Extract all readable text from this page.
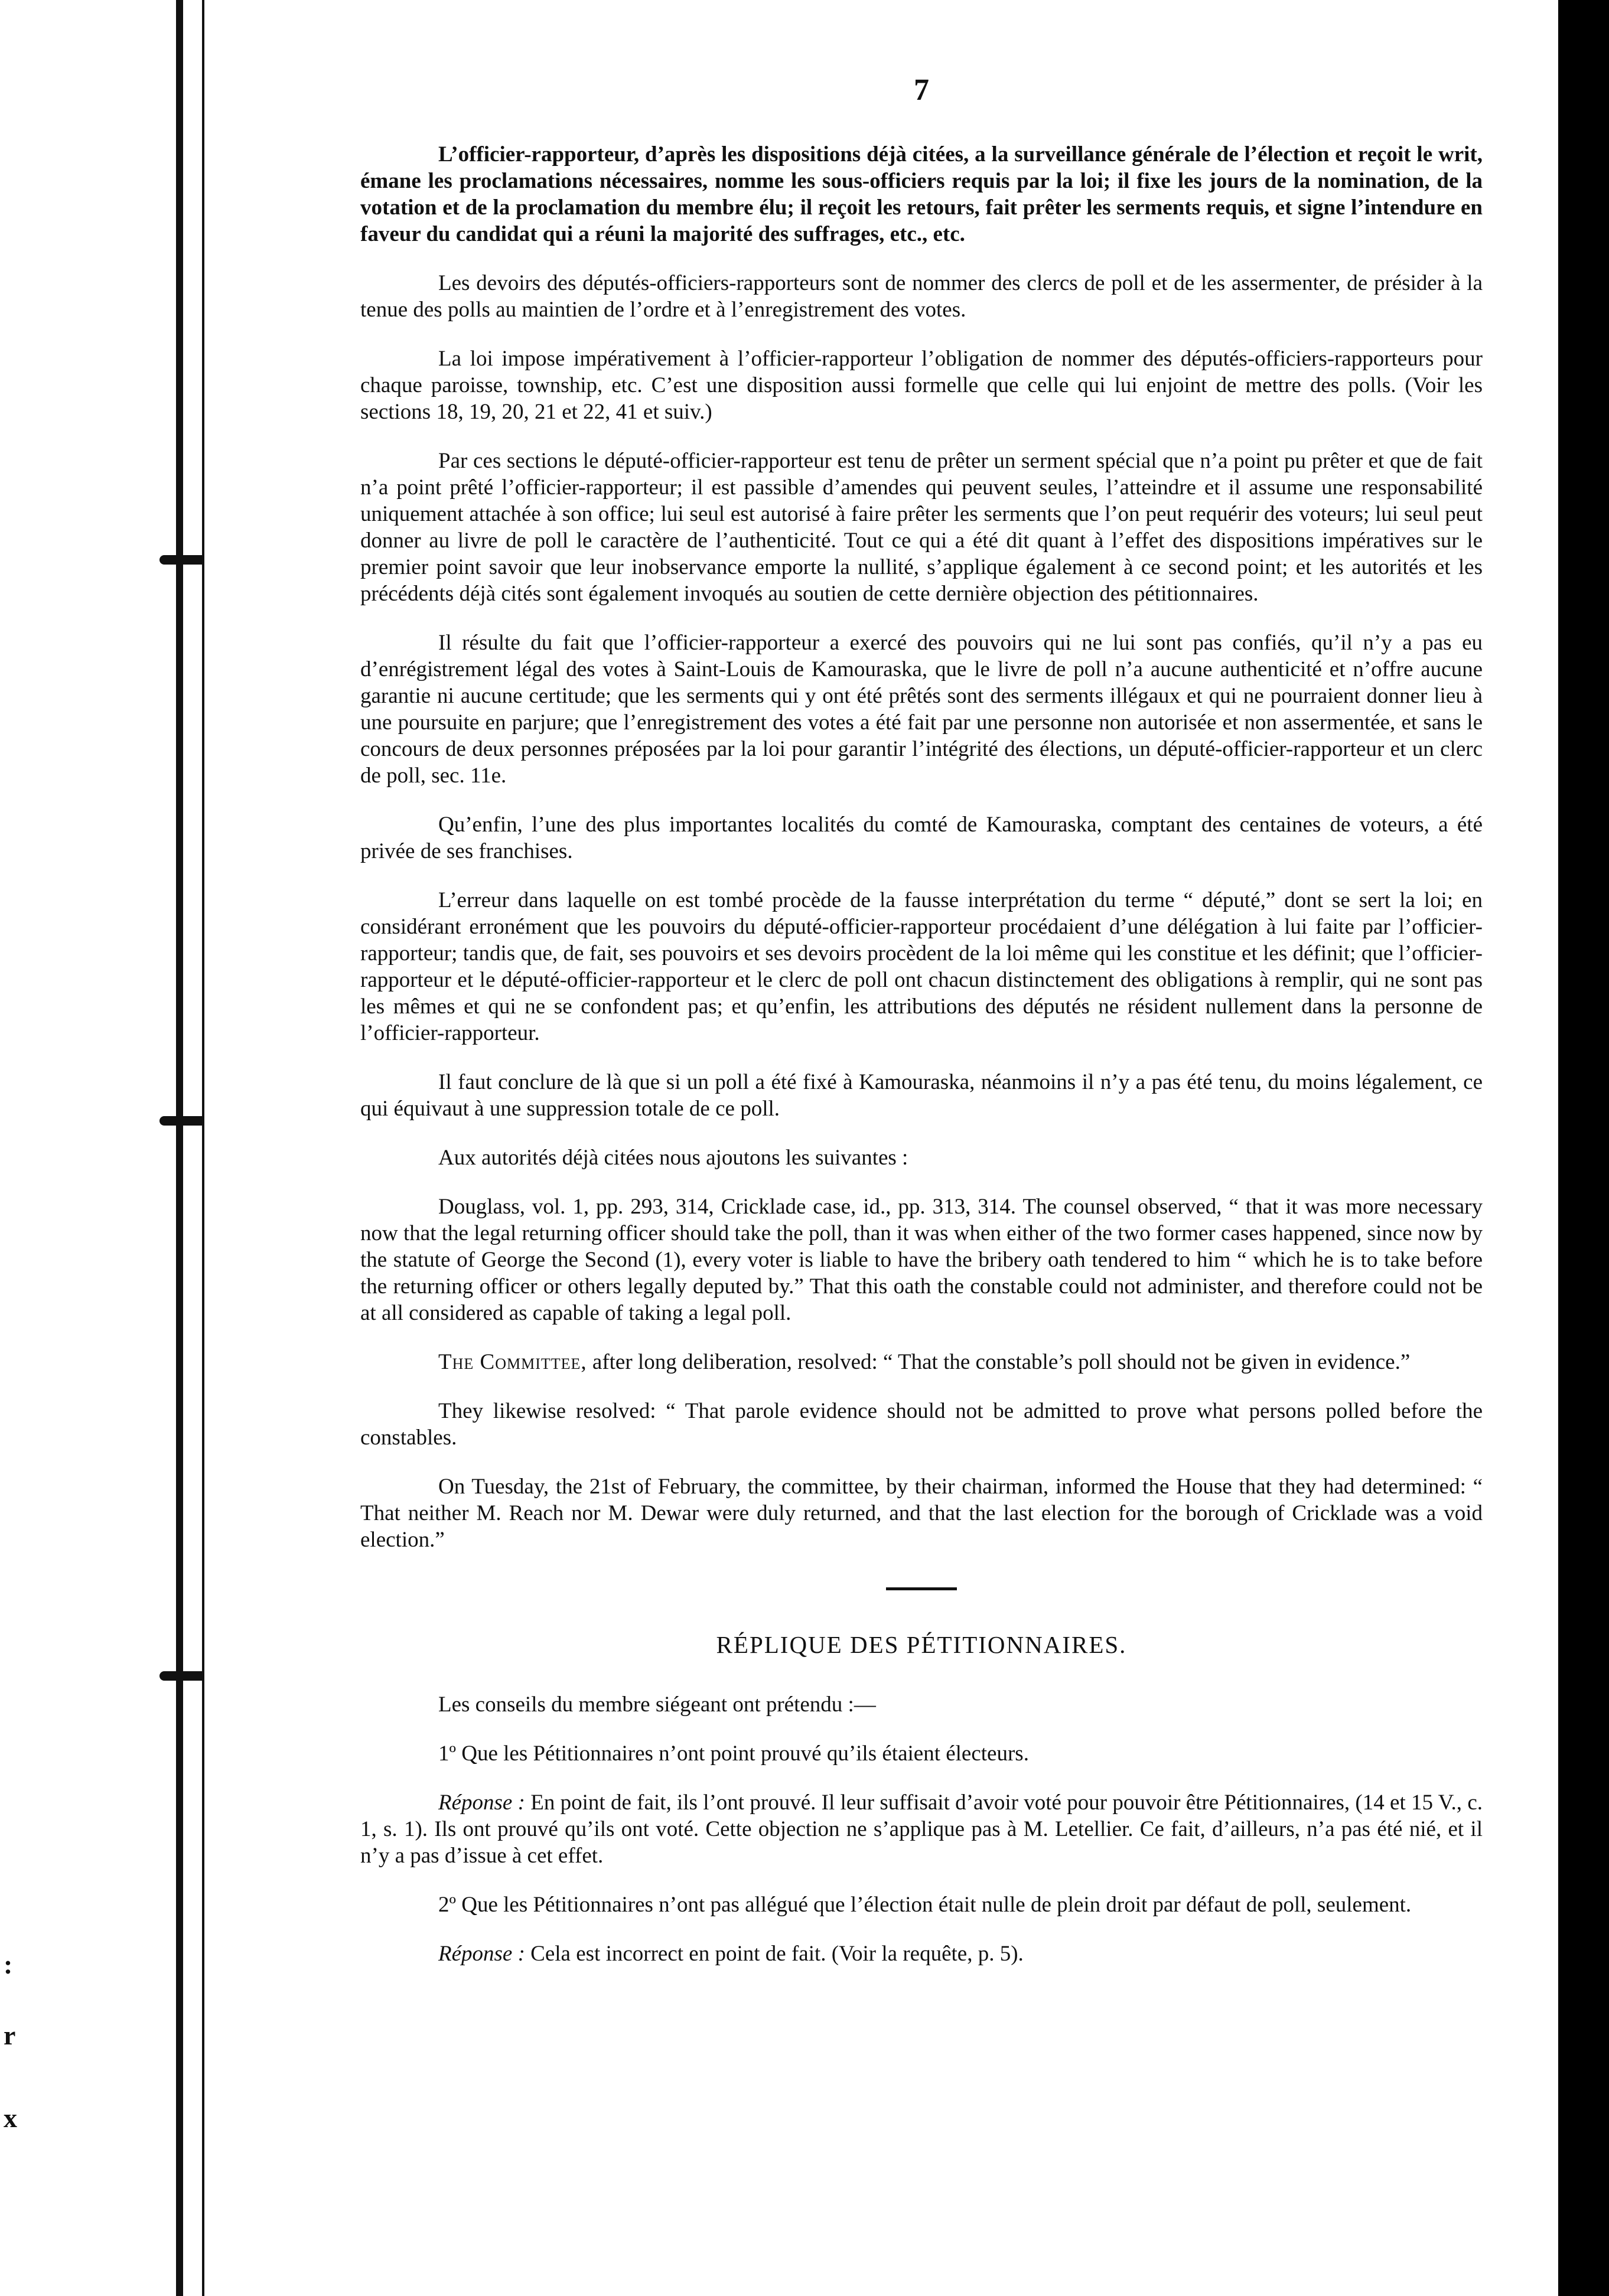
:
r
x
7

L’officier-rapporteur, d’après les dispositions déjà citées, a la surveillance générale de l’élection et reçoit le writ, émane les proclamations nécessaires, nomme les sous-officiers requis par la loi; il fixe les jours de la nomination, de la votation et de la proclamation du membre élu; il reçoit les retours, fait prêter les serments requis, et signe l’intendure en faveur du candidat qui a réuni la majorité des suffrages, etc., etc.

Les devoirs des députés-officiers-rapporteurs sont de nommer des clercs de poll et de les assermenter, de présider à la tenue des polls au maintien de l’ordre et à l’enregistrement des votes.

La loi impose impérativement à l’officier-rapporteur l’obligation de nommer des députés-officiers-rapporteurs pour chaque paroisse, township, etc. C’est une disposition aussi formelle que celle qui lui enjoint de mettre des polls. (Voir les sections 18, 19, 20, 21 et 22, 41 et suiv.)

Par ces sections le député-officier-rapporteur est tenu de prêter un serment spécial que n’a point pu prêter et que de fait n’a point prêté l’officier-rapporteur; il est passible d’amendes qui peuvent seules, l’atteindre et il assume une responsabilité uniquement attachée à son office; lui seul est autorisé à faire prêter les serments que l’on peut requérir des voteurs; lui seul peut donner au livre de poll le caractère de l’authenticité. Tout ce qui a été dit quant à l’effet des dispositions impératives sur le premier point savoir que leur inobservance emporte la nullité, s’applique également à ce second point; et les autorités et les précédents déjà cités sont également invoqués au soutien de cette dernière objection des pétitionnaires.

Il résulte du fait que l’officier-rapporteur a exercé des pouvoirs qui ne lui sont pas confiés, qu’il n’y a pas eu d’enrégistrement légal des votes à Saint-Louis de Kamouraska, que le livre de poll n’a aucune authenticité et n’offre aucune garantie ni aucune certitude; que les serments qui y ont été prêtés sont des serments illégaux et qui ne pourraient donner lieu à une poursuite en parjure; que l’enregistrement des votes a été fait par une personne non autorisée et non assermentée, et sans le concours de deux personnes préposées par la loi pour garantir l’intégrité des élections, un député-officier-rapporteur et un clerc de poll, sec. 11e.

Qu’enfin, l’une des plus importantes localités du comté de Kamouraska, comptant des centaines de voteurs, a été privée de ses franchises.

L’erreur dans laquelle on est tombé procède de la fausse interprétation du terme “ député,” dont se sert la loi; en considérant erronément que les pouvoirs du député-officier-rapporteur procédaient d’une délégation à lui faite par l’officier-rapporteur; tandis que, de fait, ses pouvoirs et ses devoirs procèdent de la loi même qui les constitue et les définit; que l’officier-rapporteur et le député-officier-rapporteur et le clerc de poll ont chacun distinctement des obligations à remplir, qui ne sont pas les mêmes et qui ne se confondent pas; et qu’enfin, les attributions des députés ne résident nullement dans la personne de l’officier-rapporteur.

Il faut conclure de là que si un poll a été fixé à Kamouraska, néanmoins il n’y a pas été tenu, du moins légalement, ce qui équivaut à une suppression totale de ce poll.

Aux autorités déjà citées nous ajoutons les suivantes :

Douglass, vol. 1, pp. 293, 314, Cricklade case, id., pp. 313, 314. The counsel observed, “ that it was more necessary now that the legal returning officer should take the poll, than it was when either of the two former cases happened, since now by the statute of George the Second (1), every voter is liable to have the bribery oath tendered to him “ which he is to take before the returning officer or others legally deputed by.” That this oath the constable could not administer, and therefore could not be at all considered as capable of taking a legal poll.

The Committee, after long deliberation, resolved: “ That the constable’s poll should not be given in evidence.”

They likewise resolved: “ That parole evidence should not be admitted to prove what persons polled before the constables.

On Tuesday, the 21st of February, the committee, by their chairman, informed the House that they had determined: “ That neither M. Reach nor M. Dewar were duly returned, and that the last election for the borough of Cricklade was a void election.”

RÉPLIQUE DES PÉTITIONNAIRES.

Les conseils du membre siégeant ont prétendu :—

1º Que les Pétitionnaires n’ont point prouvé qu’ils étaient électeurs.

Réponse : En point de fait, ils l’ont prouvé. Il leur suffisait d’avoir voté pour pouvoir être Pétitionnaires, (14 et 15 V., c. 1, s. 1). Ils ont prouvé qu’ils ont voté. Cette objection ne s’applique pas à M. Letellier. Ce fait, d’ailleurs, n’a pas été nié, et il n’y a pas d’issue à cet effet.

2º Que les Pétitionnaires n’ont pas allégué que l’élection était nulle de plein droit par défaut de poll, seulement.

Réponse : Cela est incorrect en point de fait. (Voir la requête, p. 5).
